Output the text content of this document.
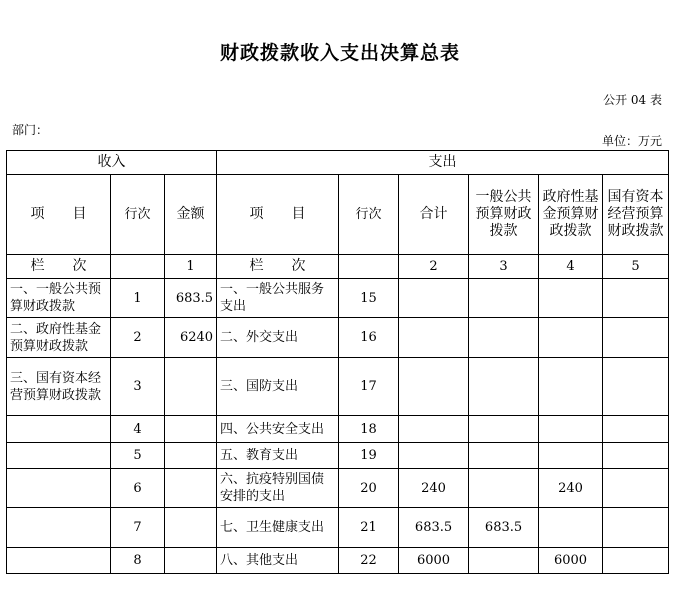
财政拨款收入支出决算总表
公开 04 表
部门：
单位：万元
收入			支出					
项　　目	行次	金额	项　　目	行次	合计	一般公共预算财政拨款	政府性基金预算财政拨款	国有资本经营预算财政拨款
栏　　次		1	栏　　次		2	3	4	5
一、一般公共预算财政拨款	1	683.5	一、一般公共服务支出	15				
二、政府性基金预算财政拨款	2	6240	二、外交支出	16				
三、国有资本经营预算财政拨款	3		三、国防支出	17				
	4		四、公共安全支出	18				
	5		五、教育支出	19				
	6		六、抗疫特别国债安排的支出	20	240		240	
	7		七、卫生健康支出	21	683.5	683.5		
	8		八、其他支出	22	6000		6000	
